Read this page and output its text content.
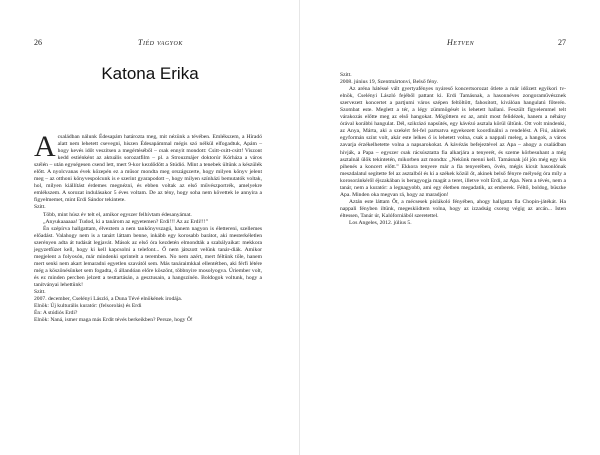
26	Tiéd vagyok
Katona Erika

Acsaládban nálunk Édesapám határozta meg, mit nézünk a tévében. Emlékszem, a Híradó alatt nem lehetett csevegni, hiszen Édesapámmal mégis szó nélkül elfogadtuk, Apám – hogy kevés időt veszítsen a megértéséből – csak ennyit mondott: Csitt-csitt-csitt! Viszont kedd estiénként az aktuális sorozatfilm – pl. a Strouzmájer doktorúr Kórháza a város szélén – után egységesen csend lett, mert 9-kor kezdődött a Stúdió. Mint a tenebek ültünk a készülék előtt. A nyolcvanas évek közepén ez a műsor mondta meg országszerte, hogy milyen könyv jelent meg – az otthoni könyvespolcunk is e szerint gyarapodott –, hogy milyen színházi bemutatók voltak, hol, milyen kiállítást érdemes megnézni, és ebben voltak az első művészportrék, amelyekre emlékszem. A sorozat indulásakor 5 éves voltam. De az tény, hogy soha nem követtek le annyira a figyelmemet, mint Erdi Sándor tekintete.

Szitt.

Több, mint húsz év telt el, amikor egyszer felhívtam édesanyámat.

„Anyukaaaaaa! Tudod, ki a tanárom az egyetemen? Erdi!!! Az az Erdi!!!”

Én szépírva hallgattam, élveztem a nem tankönyvszagú, hanem nagyon is élettereni, szellemes előadást. Valahogy nem is a tanárt láttam benne, inkább egy korosabb barátot, aki mesterkéletlen szerényen adta át tudását legjavát. Mások az első óra kezdetén elmondták a szabályaikat: mekkora jegyzetfüzet kell, hogy ki kell kapcsolni a telefont... Ő nem játszott velünk tanár-diák. Amikor megjelent a folyosón, már mindenki sprintelt a teremben. No nem azért, mert féltünk tőle, hanem mert senki nem akart lemaradni egyetlen szavától sem. Más tanáraimkkal ellentétben, aki férfi létére még a köszönésünket sem fogadta, ő állandóan előre köszönt, többnyire mosolyogva. Úriember volt, és ez minden percben jelzett a testtartásán, a gesztusain, a hangszínén. Boldogok voltunk, hogy a tanítványai lehettünk!

Szitt.

2007. december, Cselényi László, a Duna Tévé elnökének irodája.

Elnök: Új kulturális kuratór: (felsorolás) és Erdi

Én: A stúdiós Erdi?

Elnök: Naná, ismer maga más Erdit tévés berkeikben? Persze, hogy Ő!

Hetven	27

Szitt.

2008. június 19, Szentmártonvi, Belső fény.

Az aréna hátéssé vált gyertyafényes nyáreső koncertsorozat ötlete a már időzett egyikori tv-elnök, Cselényi László fejéből pattant ki. Erdi Tamásnak, a hasonnéves zongoraművésznek szervezett koncertet a partjumi város szépen feltöltött, fahosított, kiválóan hangulatú főterén. Szombat este. Meglett a tér, a légy zümmögését is lehetett hallani. Feszült figyelemmel telt várakozás előtte meg az első hangokat. Mögöttem ez az, amit most felidézek, hanem a néhány órával korábbi hangulat. Dél, szikrázó napsütés, egy kávézó asztala körül ültünk. Ott volt mindenki, az Anya, Márta, aki a szekért fel-fel partsatva egyekezett koordinálni a rendelést. A Fiú, akinek egyformán színt volt, akár este lelkes ő is lehetett volna, csak a nappali meleg, a hangok, a város zavarja érzékelhetette volna a napsarokokat. A kávézás befejeztével az Apa – ahogy a családban hívják, a Papa – egyszer csak rácsúsztatta fia alkarjára a tenyerét, és szeme körbesuhant a még asztalnál ülők tekintetén, mikorben azt mondta: „Nekünk menni kell. Tamásnak jól jön még egy kis pihenés a koncert előtt.” Ekkora tenyere már a fia tenyerében, övén, mégis kicsit hasonlónak meszdalatul segítette fel az asztalból és kí a székek közül őt, akinek belső fényre mélység óra míly a korosoránkéről éjszakában is beragyogja magát a teret, illetve volt Erdi, az Apa. Nem a tévés, nem a tanár, nem a kuratór: a legnagyobb, ami egy életben megadatik, az emberek. Féltő, boldog, büszke Apa. Minden oka megvan rá, hogy az maradjon!

Aztán este láttam Őt, a mécsesek pislákoló fényében, ahogy hallgatta fia Chopin-játékát. Ha nappali fényben iltünk, megeskiidtem volna, hogy az izzadság csorog végig az arcán... Isten éltessen, Tanár úr, Kalóforniából szeretettel.

Los Angeles, 2012. július 5.
